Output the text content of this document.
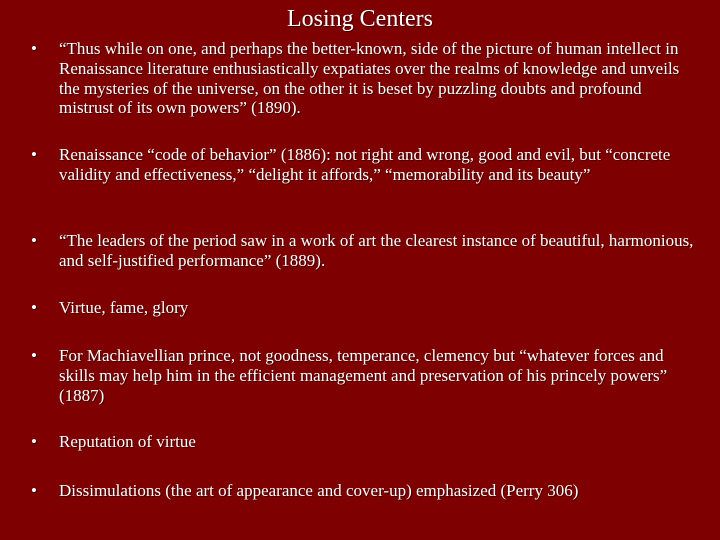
Losing Centers
• “Thus while on one, and perhaps the better-known, side of the picture of human intellect in Renaissance literature enthusiastically expatiates over the realms of knowledge and unveils the mysteries of the universe, on the other it is beset by puzzling doubts and profound mistrust of its own powers” (1890).
• Renaissance “code of behavior” (1886): not right and wrong, good and evil, but “concrete validity and effectiveness,” “delight it affords,” “memorability and its beauty”
• “The leaders of the period saw in a work of art the clearest instance of beautiful, harmonious, and self-justified performance” (1889).
• Virtue, fame, glory
• For Machiavellian prince, not goodness, temperance, clemency but “whatever forces and skills may help him in the efficient management and preservation of his princely powers” (1887)
• Reputation of virtue
• Dissimulations (the art of appearance and cover-up) emphasized (Perry 306)
